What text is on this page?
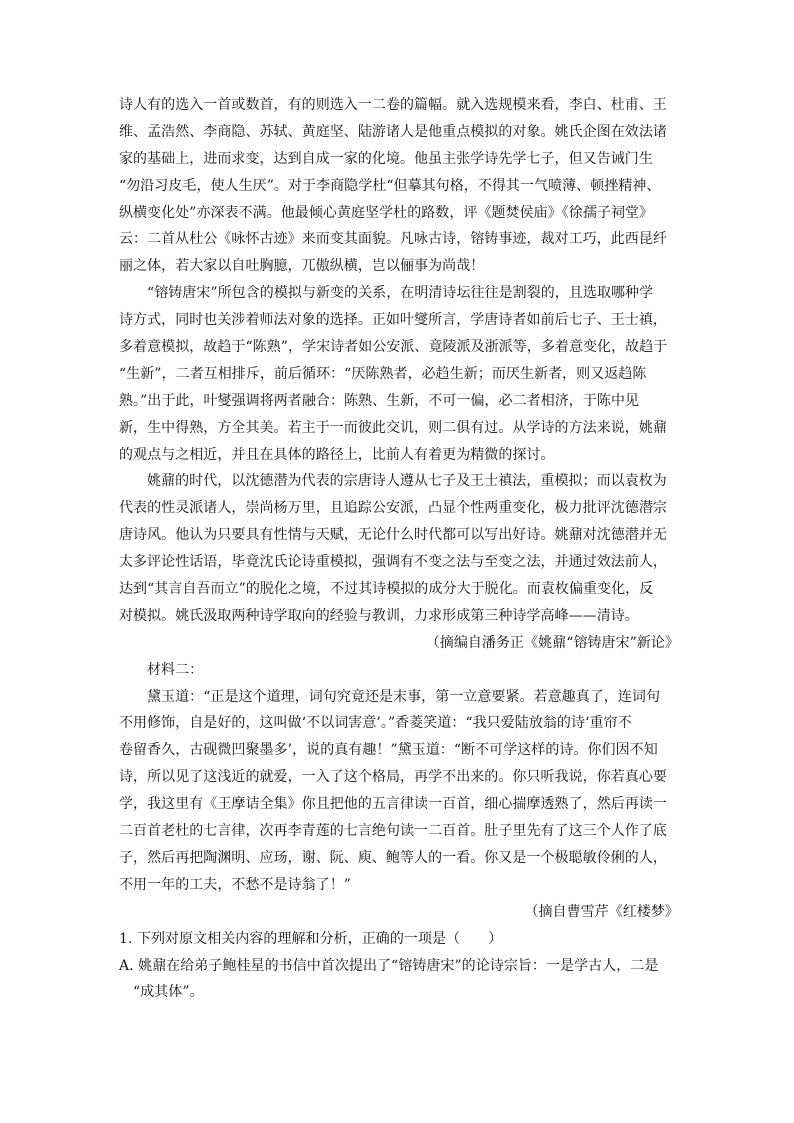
诗人有的选入一首或数首，有的则选入一二卷的篇幅。就入选规模来看，李白、杜甫、王
维、孟浩然、李商隐、苏轼、黄庭坚、陆游诸人是他重点模拟的对象。姚氏企图在效法诸
家的基础上，进而求变，达到自成一家的化境。他虽主张学诗先学七子，但又告诫门生
“勿沿习皮毛，使人生厌”。对于李商隐学杜“但摹其句格，不得其一气喷薄、顿挫精神、
纵横变化处”亦深表不满。他最倾心黄庭坚学杜的路数，评《题焚侯庙》《徐孺子祠堂》
云：二首从杜公《咏怀古迹》来而变其面貌。凡咏古诗，镕铸事迹，裁对工巧，此西昆纤
丽之体，若大家以自吐胸臆，兀傲纵横，岂以俪事为尚哉！
“镕铸唐宋”所包含的模拟与新变的关系，在明清诗坛往往是割裂的，且选取哪种学
诗方式，同时也关涉着师法对象的选择。正如叶燮所言，学唐诗者如前后七子、王士禛，
多着意模拟，故趋于“陈熟”，学宋诗者如公安派、竟陵派及浙派等，多着意变化，故趋于
“生新”，二者互相排斥，前后循环：“厌陈熟者，必趋生新；而厌生新者，则又返趋陈
熟。”出于此，叶燮强调将两者融合：陈熟、生新，不可一偏，必二者相济，于陈中见
新，生中得熟，方全其美。若主于一而彼此交讥，则二俱有过。从学诗的方法来说，姚鼐
的观点与之相近，并且在具体的路径上，比前人有着更为精微的探讨。
姚鼐的时代，以沈德潜为代表的宗唐诗人遵从七子及王士禛法，重模拟；而以袁枚为
代表的性灵派诸人，崇尚杨万里，且追踪公安派，凸显个性两重变化，极力批评沈德潜宗
唐诗风。他认为只要具有性情与天赋，无论什么时代都可以写出好诗。姚鼐对沈德潜并无
太多评论性话语，毕竟沈氏论诗重模拟，强调有不变之法与至变之法，并通过效法前人，
达到“其言自吾而立”的脱化之境，不过其诗模拟的成分大于脱化。而袁枚偏重变化，反
对模拟。姚氏汲取两种诗学取向的经验与教训，力求形成第三种诗学高峰——清诗。
（摘编自潘务正《姚鼐“镕铸唐宋”新论》
材料二：
黛玉道：“正是这个道理，词句究竟还是末事，第一立意要紧。若意趣真了，连词句
不用修饰，自是好的，这叫做‘不以词害意’。”香菱笑道：“我只爱陆放翁的诗‘重帘不
卷留香久，古砚微凹聚墨多’，说的真有趣！”黛玉道：“断不可学这样的诗。你们因不知
诗，所以见了这浅近的就爱，一入了这个格局，再学不出来的。你只听我说，你若真心要
学，我这里有《王摩诘全集》你且把他的五言律读一百首，细心揣摩透熟了，然后再读一
二百首老杜的七言律，次再李青莲的七言绝句读一二百首。肚子里先有了这三个人作了底
子，然后再把陶渊明、应玚，谢、阮、庾、鲍等人的一看。你又是一个极聪敏伶俐的人，
不用一年的工夫，不愁不是诗翁了！”
（摘自曹雪芹《红楼梦》
1. 下列对原文相关内容的理解和分析，正确的一项是（　　）
A. 姚鼐在给弟子鲍桂星的书信中首次提出了“镕铸唐宋”的论诗宗旨：一是学古人，二是
“成其体”。
